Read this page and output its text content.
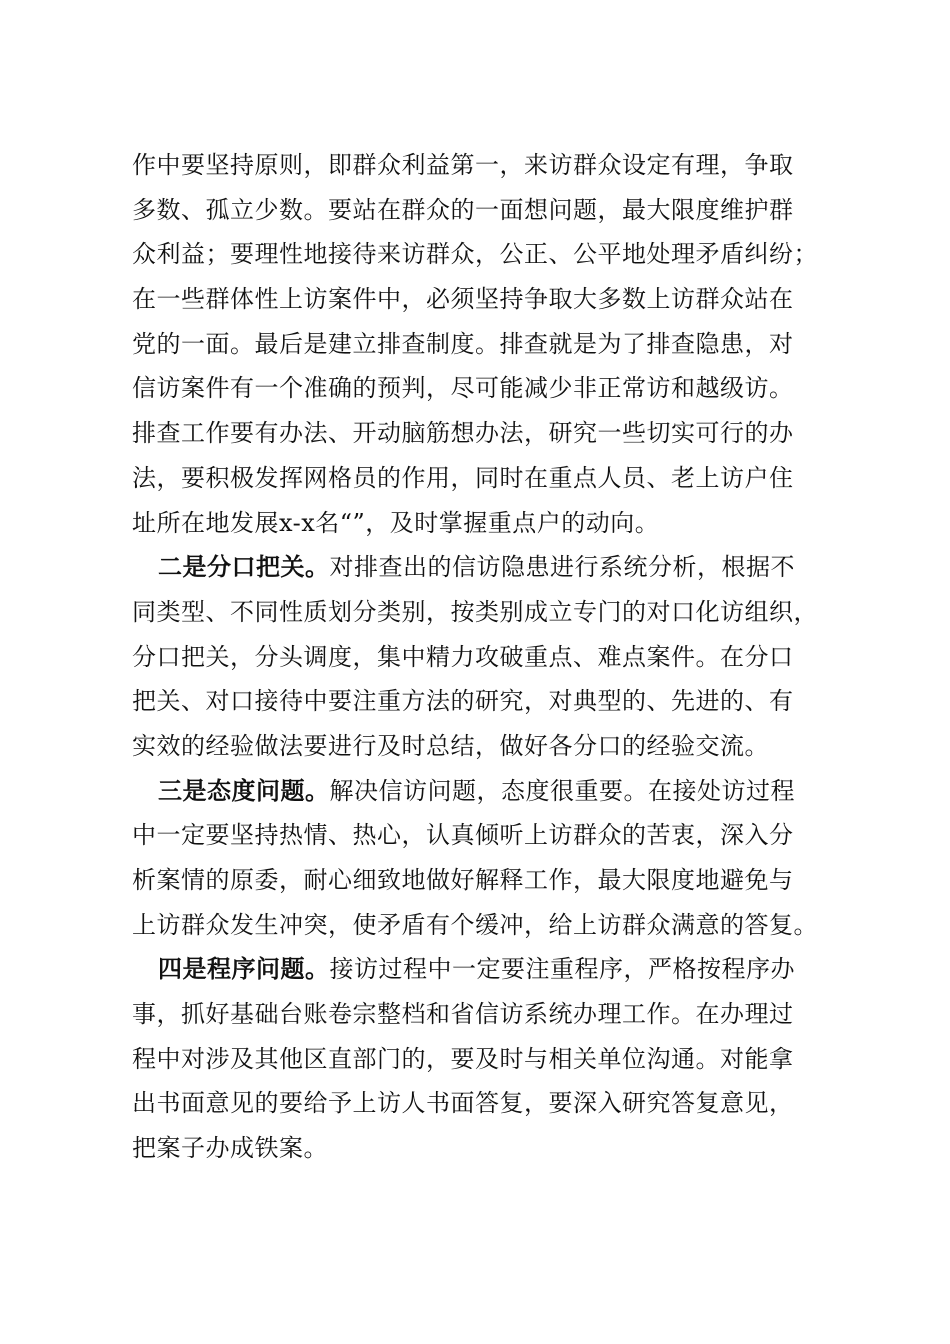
作中要坚持原则，即群众利益第一，来访群众设定有理，争取
多数、孤立少数。要站在群众的一面想问题，最大限度维护群
众利益；要理性地接待来访群众，公正、公平地处理矛盾纠纷；
在一些群体性上访案件中，必须坚持争取大多数上访群众站在
党的一面。最后是建立排查制度。排查就是为了排查隐患，对
信访案件有一个准确的预判，尽可能减少非正常访和越级访。
排查工作要有办法、开动脑筋想办法，研究一些切实可行的办
法，要积极发挥网格员的作用，同时在重点人员、老上访户住
址所在地发展x-x名“”，及时掌握重点户的动向。
二是分口把关。对排查出的信访隐患进行系统分析，根据不
同类型、不同性质划分类别，按类别成立专门的对口化访组织，
分口把关，分头调度，集中精力攻破重点、难点案件。在分口
把关、对口接待中要注重方法的研究，对典型的、先进的、有
实效的经验做法要进行及时总结，做好各分口的经验交流。
三是态度问题。解决信访问题，态度很重要。在接处访过程
中一定要坚持热情、热心，认真倾听上访群众的苦衷，深入分
析案情的原委，耐心细致地做好解释工作，最大限度地避免与
上访群众发生冲突，使矛盾有个缓冲，给上访群众满意的答复。
四是程序问题。接访过程中一定要注重程序，严格按程序办
事，抓好基础台账卷宗整档和省信访系统办理工作。在办理过
程中对涉及其他区直部门的，要及时与相关单位沟通。对能拿
出书面意见的要给予上访人书面答复，要深入研究答复意见，
把案子办成铁案。
